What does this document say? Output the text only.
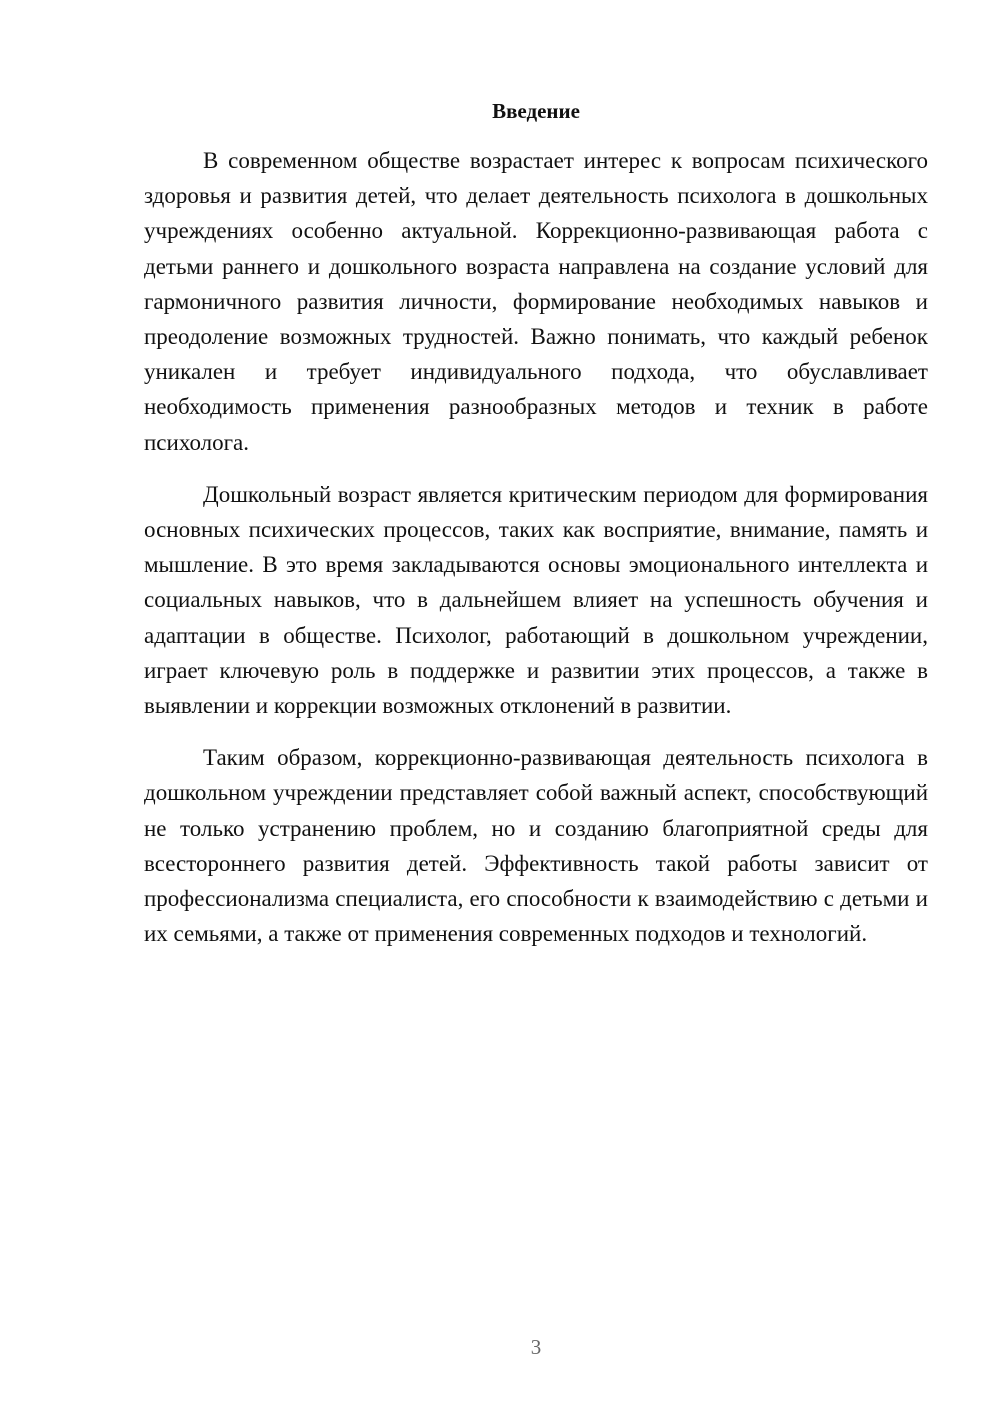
Введение

В современном обществе возрастает интерес к вопросам психического здоровья и развития детей, что делает деятельность психолога в дошкольных учреждениях особенно актуальной. Коррекционно-развивающая работа с детьми раннего и дошкольного возраста направлена на создание условий для гармоничного развития личности, формирование необходимых навыков и преодоление возможных трудностей. Важно понимать, что каждый ребенок уникален и требует индивидуального подхода, что обуславливает необходимость применения разнообразных методов и техник в работе психолога.

Дошкольный возраст является критическим периодом для формирования основных психических процессов, таких как восприятие, внимание, память и мышление. В это время закладываются основы эмоционального интеллекта и социальных навыков, что в дальнейшем влияет на успешность обучения и адаптации в обществе. Психолог, работающий в дошкольном учреждении, играет ключевую роль в поддержке и развитии этих процессов, а также в выявлении и коррекции возможных отклонений в развитии.

Таким образом, коррекционно-развивающая деятельность психолога в дошкольном учреждении представляет собой важный аспект, способствующий не только устранению проблем, но и созданию благоприятной среды для всестороннего развития детей. Эффективность такой работы зависит от профессионализма специалиста, его способности к взаимодействию с детьми и их семьями, а также от применения современных подходов и технологий.

3
